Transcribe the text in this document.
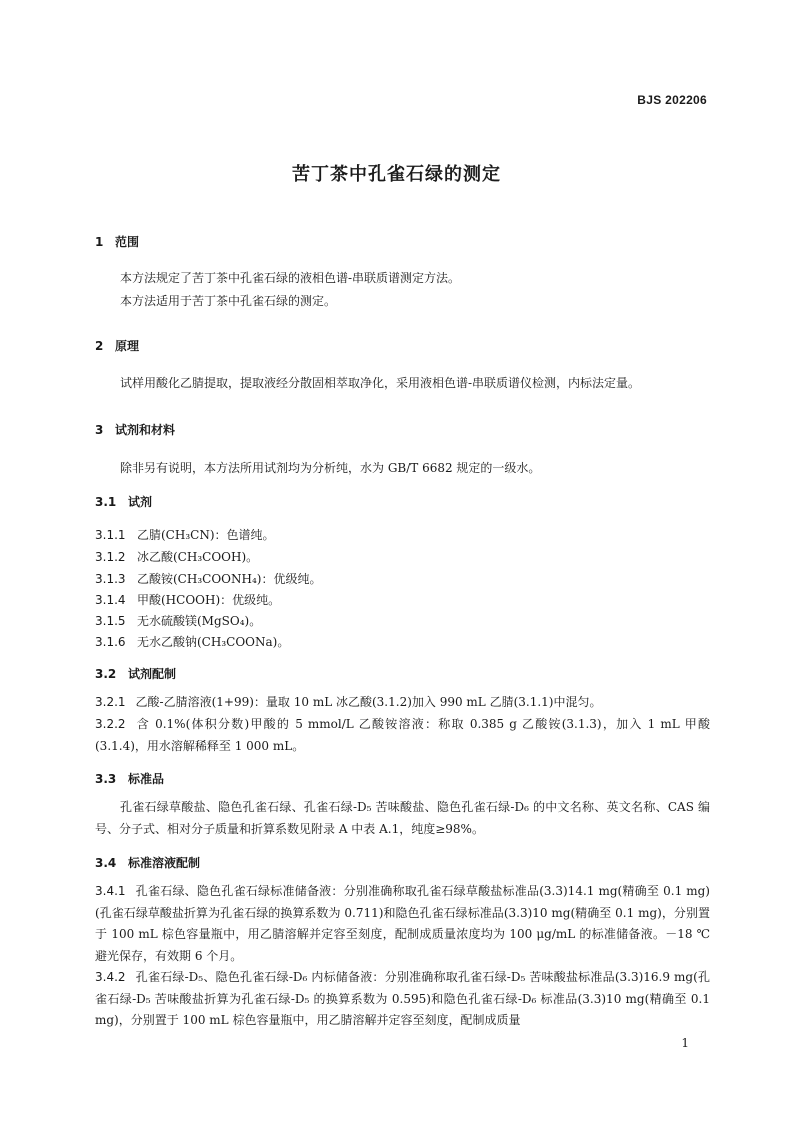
BJS 202206
苦丁茶中孔雀石绿的测定
1 范围
本方法规定了苦丁茶中孔雀石绿的液相色谱-串联质谱测定方法。
本方法适用于苦丁茶中孔雀石绿的测定。
2 原理
试样用酸化乙腈提取，提取液经分散固相萃取净化，采用液相色谱-串联质谱仪检测，内标法定量。
3 试剂和材料
除非另有说明，本方法所用试剂均为分析纯，水为 GB/T 6682 规定的一级水。
3.1 试剂
3.1.1 乙腈(CH₃CN)：色谱纯。
3.1.2 冰乙酸(CH₃COOH)。
3.1.3 乙酸铵(CH₃COONH₄)：优级纯。
3.1.4 甲酸(HCOOH)：优级纯。
3.1.5 无水硫酸镁(MgSO₄)。
3.1.6 无水乙酸钠(CH₃COONa)。
3.2 试剂配制
3.2.1 乙酸-乙腈溶液(1+99)：量取 10 mL 冰乙酸(3.1.2)加入 990 mL 乙腈(3.1.1)中混匀。
3.2.2 含 0.1%(体积分数)甲酸的 5 mmol/L 乙酸铵溶液：称取 0.385 g 乙酸铵(3.1.3)，加入 1 mL 甲酸(3.1.4)，用水溶解稀释至 1 000 mL。
3.3 标准品
孔雀石绿草酸盐、隐色孔雀石绿、孔雀石绿-D₅ 苦味酸盐、隐色孔雀石绿-D₆ 的中文名称、英文名称、CAS 编号、分子式、相对分子质量和折算系数见附录 A 中表 A.1，纯度≥98%。
3.4 标准溶液配制
3.4.1 孔雀石绿、隐色孔雀石绿标准储备液：分别准确称取孔雀石绿草酸盐标准品(3.3)14.1 mg(精确至 0.1 mg)(孔雀石绿草酸盐折算为孔雀石绿的换算系数为 0.711)和隐色孔雀石绿标准品(3.3)10 mg(精确至 0.1 mg)，分别置于 100 mL 棕色容量瓶中，用乙腈溶解并定容至刻度，配制成质量浓度均为 100 μg/mL 的标准储备液。－18 ℃避光保存，有效期 6 个月。
3.4.2 孔雀石绿-D₅、隐色孔雀石绿-D₆ 内标储备液：分别准确称取孔雀石绿-D₅ 苦味酸盐标准品(3.3)16.9 mg(孔雀石绿-D₅ 苦味酸盐折算为孔雀石绿-D₅ 的换算系数为 0.595)和隐色孔雀石绿-D₆ 标准品(3.3)10 mg(精确至 0.1 mg)，分别置于 100 mL 棕色容量瓶中，用乙腈溶解并定容至刻度，配制成质量
1
